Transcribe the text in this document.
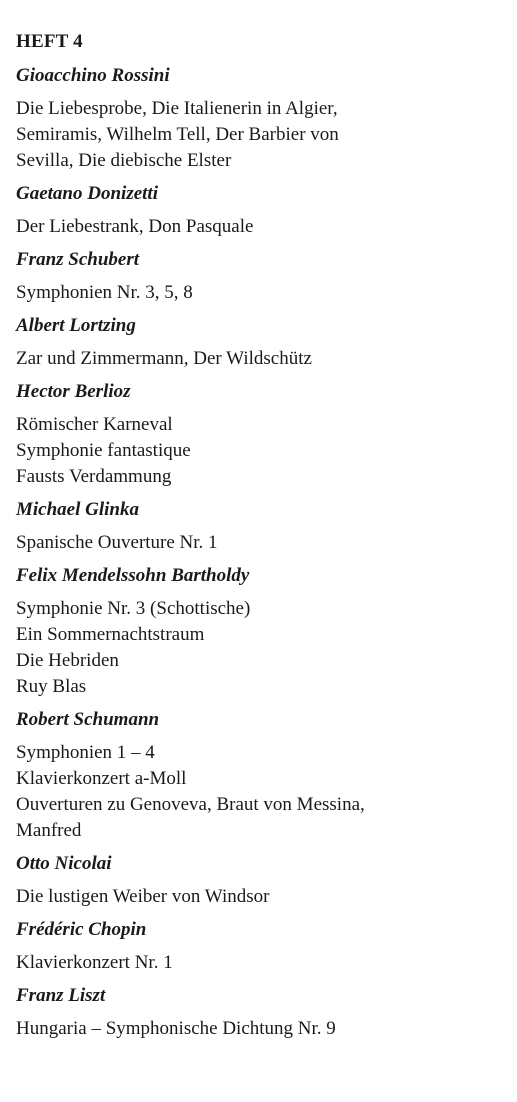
HEFT 4
Gioacchino Rossini
Die Liebesprobe, Die Italienerin in Algier,
Semiramis, Wilhelm Tell, Der Barbier von
Sevilla, Die diebische Elster
Gaetano Donizetti
Der Liebestrank, Don Pasquale
Franz Schubert
Symphonien Nr. 3, 5, 8
Albert Lortzing
Zar und Zimmermann, Der Wildschütz
Hector Berlioz
Römischer Karneval
Symphonie fantastique
Fausts Verdammung
Michael Glinka
Spanische Ouverture Nr. 1
Felix Mendelssohn Bartholdy
Symphonie Nr. 3 (Schottische)
Ein Sommernachtstraum
Die Hebriden
Ruy Blas
Robert Schumann
Symphonien 1 – 4
Klavierkonzert a-Moll
Ouverturen zu Genoveva, Braut von Messina,
Manfred
Otto Nicolai
Die lustigen Weiber von Windsor
Frédéric Chopin
Klavierkonzert Nr. 1
Franz Liszt
Hungaria – Symphonische Dichtung Nr. 9
